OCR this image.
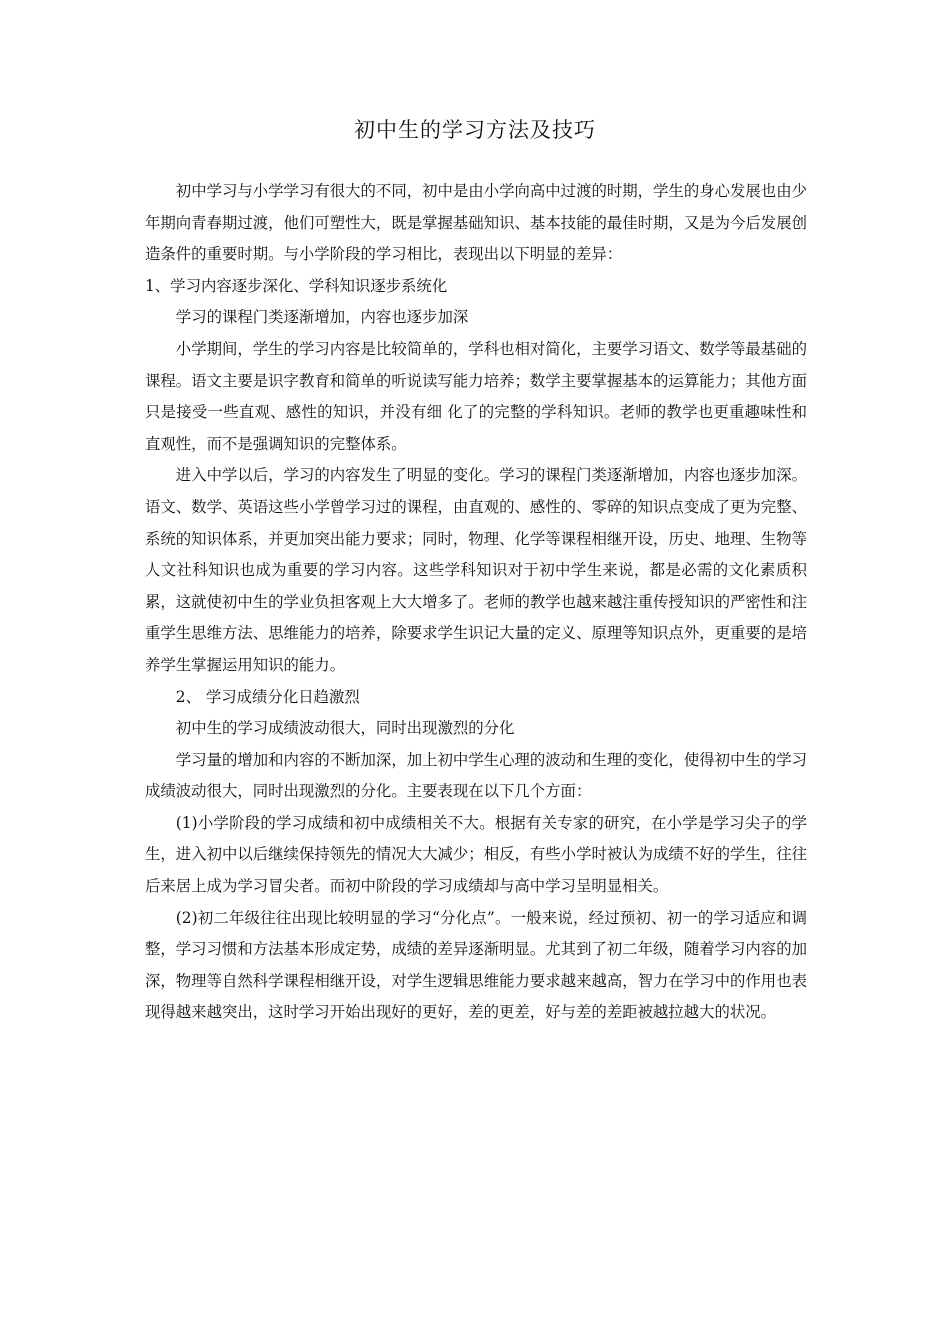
初中生的学习方法及技巧

初中学习与小学学习有很大的不同，初中是由小学向高中过渡的时期，学生的身心发展也由少年期向青春期过渡，他们可塑性大，既是掌握基础知识、基本技能的最佳时期，又是为今后发展创造条件的重要时期。与小学阶段的学习相比，表现出以下明显的差异：

1、学习内容逐步深化、学科知识逐步系统化

学习的课程门类逐渐增加，内容也逐步加深

小学期间，学生的学习内容是比较简单的，学科也相对简化，主要学习语文、数学等最基础的课程。语文主要是识字教育和简单的听说读写能力培养；数学主要掌握基本的运算能力；其他方面只是接受一些直观、感性的知识，并没有细 化了的完整的学科知识。老师的教学也更重趣味性和直观性，而不是强调知识的完整体系。

进入中学以后，学习的内容发生了明显的变化。学习的课程门类逐渐增加，内容也逐步加深。语文、数学、英语这些小学曾学习过的课程，由直观的、感性的、零碎的知识点变成了更为完整、系统的知识体系，并更加突出能力要求；同时，物理、化学等课程相继开设，历史、地理、生物等人文社科知识也成为重要的学习内容。这些学科知识对于初中学生来说，都是必需的文化素质积累，这就使初中生的学业负担客观上大大增多了。老师的教学也越来越注重传授知识的严密性和注重学生思维方法、思维能力的培养，除要求学生识记大量的定义、原理等知识点外，更重要的是培养学生掌握运用知识的能力。

2、 学习成绩分化日趋激烈

初中生的学习成绩波动很大，同时出现激烈的分化

学习量的增加和内容的不断加深，加上初中学生心理的波动和生理的变化，使得初中生的学习成绩波动很大，同时出现激烈的分化。主要表现在以下几个方面：

(1)小学阶段的学习成绩和初中成绩相关不大。根据有关专家的研究，在小学是学习尖子的学生，进入初中以后继续保持领先的情况大大减少；相反，有些小学时被认为成绩不好的学生，往往后来居上成为学习冒尖者。而初中阶段的学习成绩却与高中学习呈明显相关。

(2)初二年级往往出现比较明显的学习“分化点”。一般来说，经过预初、初一的学习适应和调整，学习习惯和方法基本形成定势，成绩的差异逐渐明显。尤其到了初二年级，随着学习内容的加深，物理等自然科学课程相继开设，对学生逻辑思维能力要求越来越高，智力在学习中的作用也表现得越来越突出，这时学习开始出现好的更好，差的更差，好与差的差距被越拉越大的状况。
